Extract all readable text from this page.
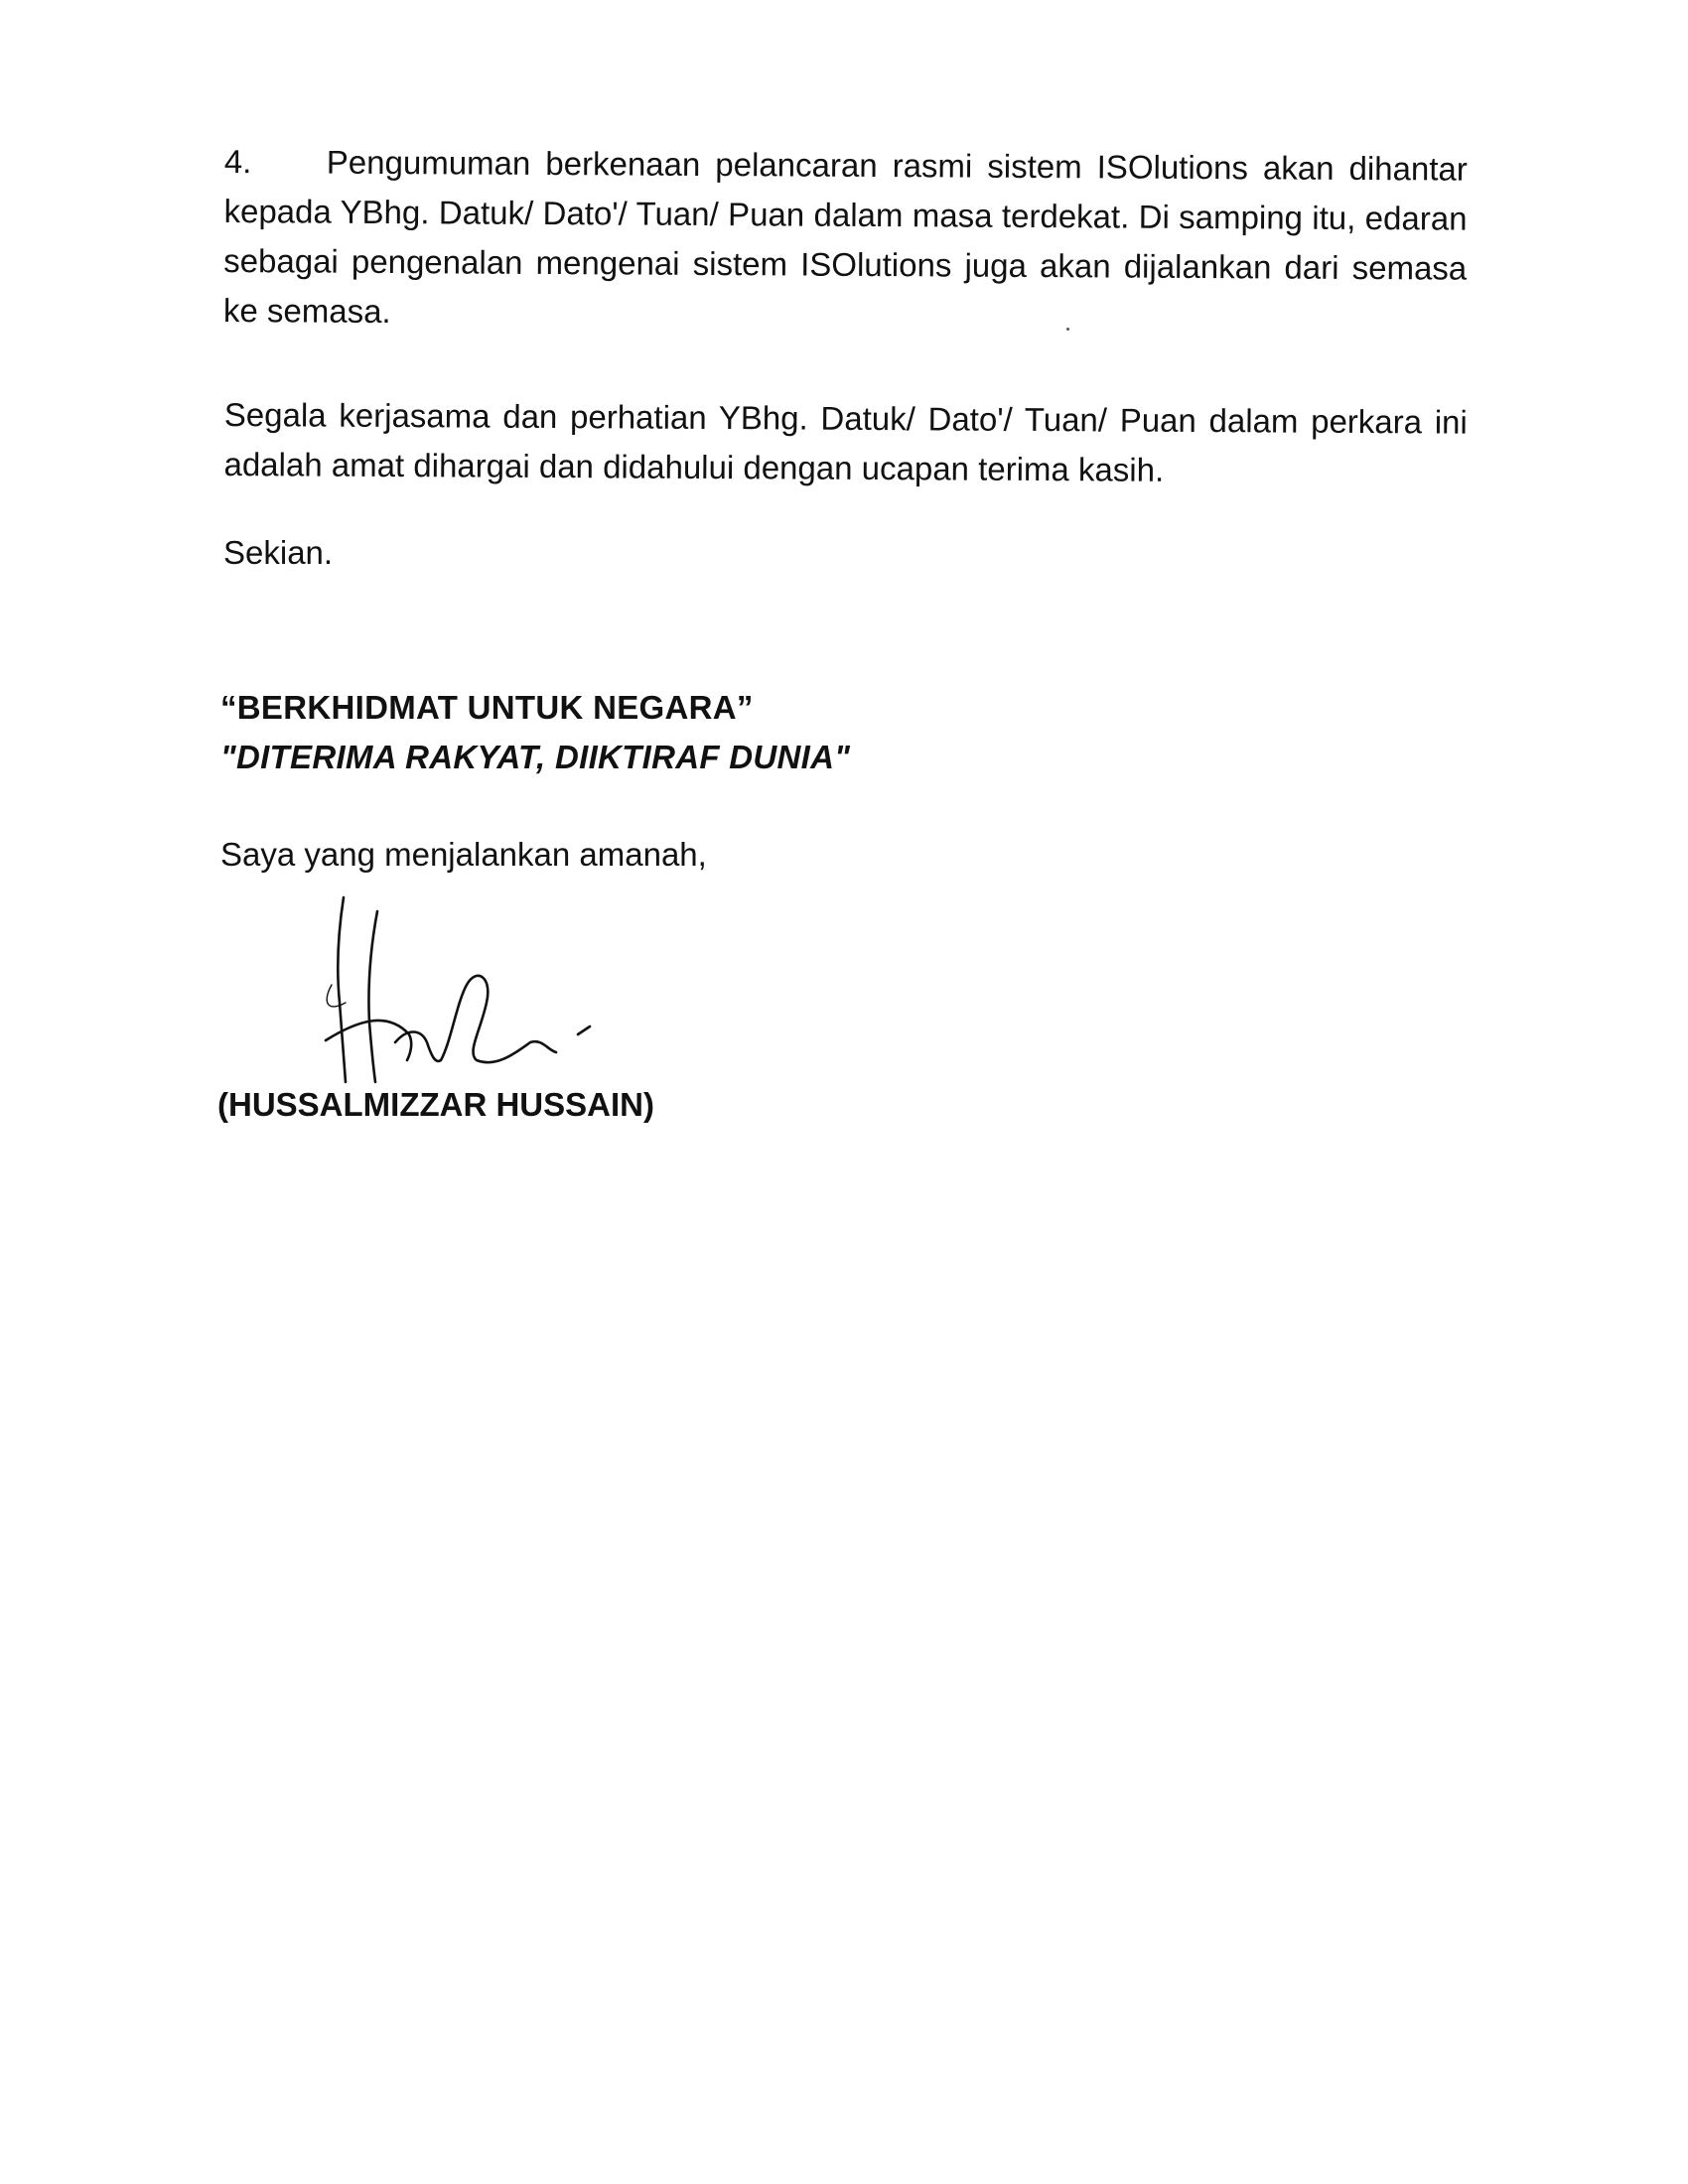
4. Pengumuman berkenaan pelancaran rasmi sistem ISOlutions akan dihantar kepada YBhg. Datuk/ Dato'/ Tuan/ Puan dalam masa terdekat. Di samping itu, edaran sebagai pengenalan mengenai sistem ISOlutions juga akan dijalankan dari semasa ke semasa.

Segala kerjasama dan perhatian YBhg. Datuk/ Dato'/ Tuan/ Puan dalam perkara ini adalah amat dihargai dan didahului dengan ucapan terima kasih.

Sekian.

“BERKHIDMAT UNTUK NEGARA”

"DITERIMA RAKYAT, DIIKTIRAF DUNIA"

Saya yang menjalankan amanah,

(HUSSALMIZZAR HUSSAIN)
